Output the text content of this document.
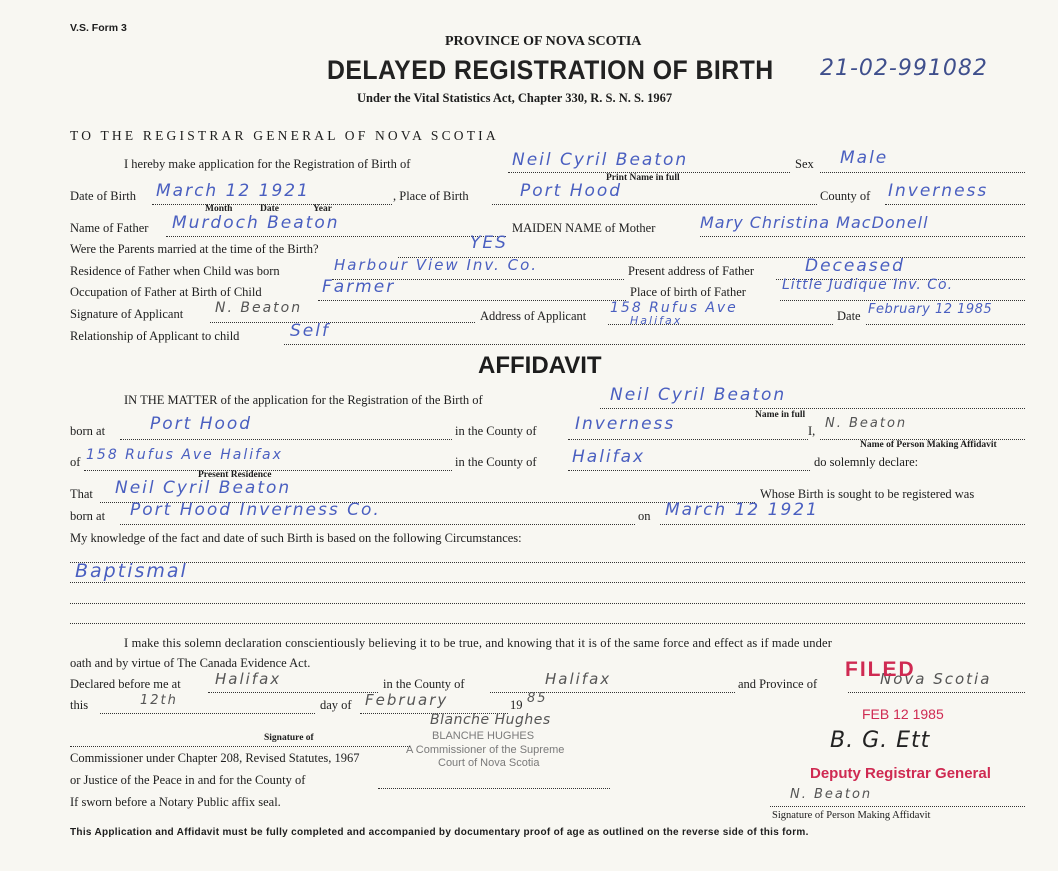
V.S. Form 3
PROVINCE OF NOVA SCOTIA
DELAYED REGISTRATION OF BIRTH 21-02-991082
Under the Vital Statistics Act, Chapter 330, R. S. N. S. 1967
TO THE REGISTRAR GENERAL OF NOVA SCOTIA
I hereby make application for the Registration of Birth of	Neil Cyril Beaton	Sex Male
Print Name in full
Date of Birth March 12 1921	, Place of Birth	Port Hood	County of Inverness
Month	Date	Year
Name of Father Murdoch Beaton	MAIDEN NAME of Mother	Mary Christina MacDonell
Were the Parents married at the time of the Birth?	YES
Residence of Father when Child was born	Harbour View Inv. Co.	Present address of Father	Deceased
Occupation of Father at Birth of Child	Farmer	Place of birth of Father	Little Judique Inv. Co.
Signature of Applicant N. Beaton	Address of Applicant 158 Rufus Ave
Halifax	Date February 12 1985
Relationship of Applicant to child	Self
AFFIDAVIT
IN THE MATTER of the application for the Registration of the Birth of	Neil Cyril Beaton
Name in full
born at	Port Hood	in the County of Inverness	I, N. Beaton
Name of Person Making Affidavit
of 158 Rufus Ave Halifax	in the County of Halifax	do solemnly declare:
Present Residence
That Neil Cyril Beaton	Whose Birth is sought to be registered was
born at Port Hood Inverness Co.	on March 12 1921
My knowledge of the fact and date of such Birth is based on the following Circumstances:
Baptismal
I make this solemn declaration conscientiously believing it to be true, and knowing that it is of the same force and effect as if made under
oath and by virtue of The Canada Evidence Act.
Declared before me at Halifax	in the County of	Halifax	and Province of	Nova Scotia
this	12th	day of February	19 85
Blanche Hughes
BLANCHE HUGHES
A Commissioner of the Supreme
Court of Nova Scotia
Signature of
Commissioner under Chapter 208, Revised Statutes, 1967
or Justice of the Peace in and for the County of
If sworn before a Notary Public affix seal.
FILED
FEB 12 1985
B. G. Ett
Deputy Registrar General
N. Beaton
Signature of Person Making Affidavit
This Application and Affidavit must be fully completed and accompanied by documentary proof of age as outlined on the reverse side of this form.
